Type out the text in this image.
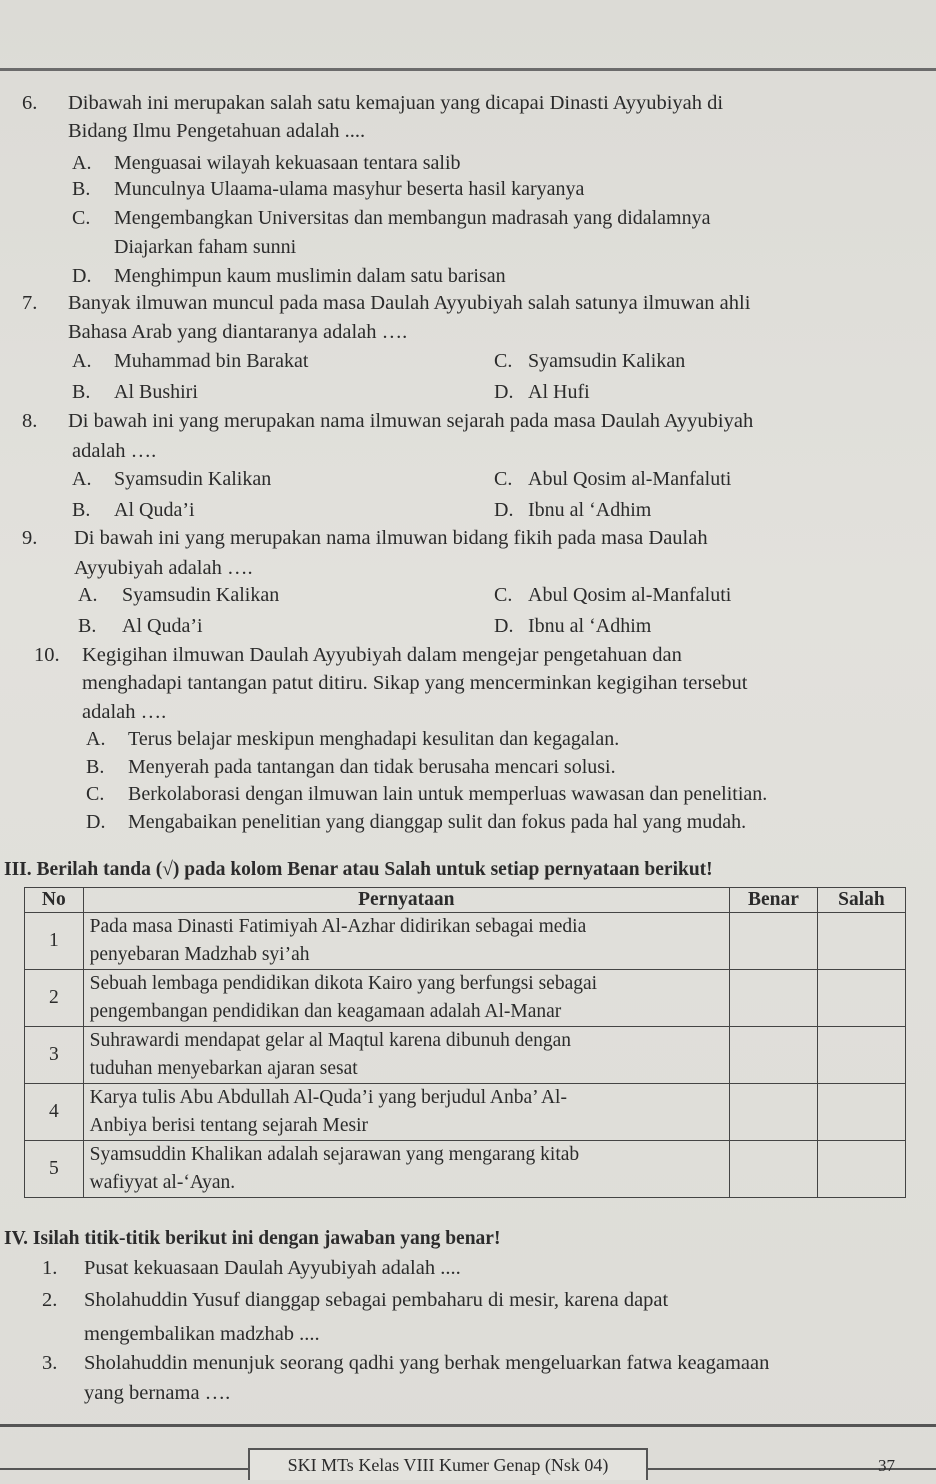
6. Dibawah ini merupakan salah satu kemajuan yang dicapai Dinasti Ayyubiyah di
Bidang Ilmu Pengetahuan adalah ....
A. Menguasai wilayah kekuasaan tentara salib
B. Munculnya Ulaama-ulama masyhur beserta hasil karyanya
C. Mengembangkan Universitas dan membangun madrasah yang didalamnya
Diajarkan faham sunni
D. Menghimpun kaum muslimin dalam satu barisan
7. Banyak ilmuwan muncul pada masa Daulah Ayyubiyah salah satunya ilmuwan ahli
Bahasa Arab yang diantaranya adalah ….
A. Muhammad bin Barakat	C. Syamsudin Kalikan
B. Al Bushiri	D. Al Hufi
8. Di bawah ini yang merupakan nama ilmuwan sejarah pada masa Daulah Ayyubiyah
adalah ….
A. Syamsudin Kalikan	C. Abul Qosim al-Manfaluti
B. Al Quda’i	D. Ibnu al ‘Adhim
9. Di bawah ini yang merupakan nama ilmuwan bidang fikih pada masa Daulah
Ayyubiyah adalah ….
A. Syamsudin Kalikan	C. Abul Qosim al-Manfaluti
B. Al Quda’i	D. Ibnu al ‘Adhim
10. Kegigihan ilmuwan Daulah Ayyubiyah dalam mengejar pengetahuan dan
menghadapi tantangan patut ditiru. Sikap yang mencerminkan kegigihan tersebut
adalah ….
A. Terus belajar meskipun menghadapi kesulitan dan kegagalan.
B. Menyerah pada tantangan dan tidak berusaha mencari solusi.
C. Berkolaborasi dengan ilmuwan lain untuk memperluas wawasan dan penelitian.
D. Mengabaikan penelitian yang dianggap sulit dan fokus pada hal yang mudah.
III. Berilah tanda (√) pada kolom Benar atau Salah untuk setiap pernyataan berikut!
No	Pernyataan	Benar	Salah
1	Pada masa Dinasti Fatimiyah Al-Azhar didirikan sebagai media
penyebaran Madzhab syi’ah		

2	Sebuah lembaga pendidikan dikota Kairo yang berfungsi sebagai
pengembangan pendidikan dan keagamaan adalah Al-Manar		

3	Suhrawardi mendapat gelar al Maqtul karena dibunuh dengan
tuduhan menyebarkan ajaran sesat		

4	Karya tulis Abu Abdullah Al-Quda’i yang berjudul Anba’ Al-
Anbiya berisi tentang sejarah Mesir		

5	Syamsuddin Khalikan adalah sejarawan yang mengarang kitab
wafiyyat al-‘Ayan.		

IV. Isilah titik-titik berikut ini dengan jawaban yang benar!
1. Pusat kekuasaan Daulah Ayyubiyah adalah ....
2. Sholahuddin Yusuf dianggap sebagai pembaharu di mesir, karena dapat
mengembalikan madzhab ....
3. Sholahuddin menunjuk seorang qadhi yang berhak mengeluarkan fatwa keagamaan
yang bernama ….
SKI MTs Kelas VIII Kumer Genap (Nsk 04)	37
